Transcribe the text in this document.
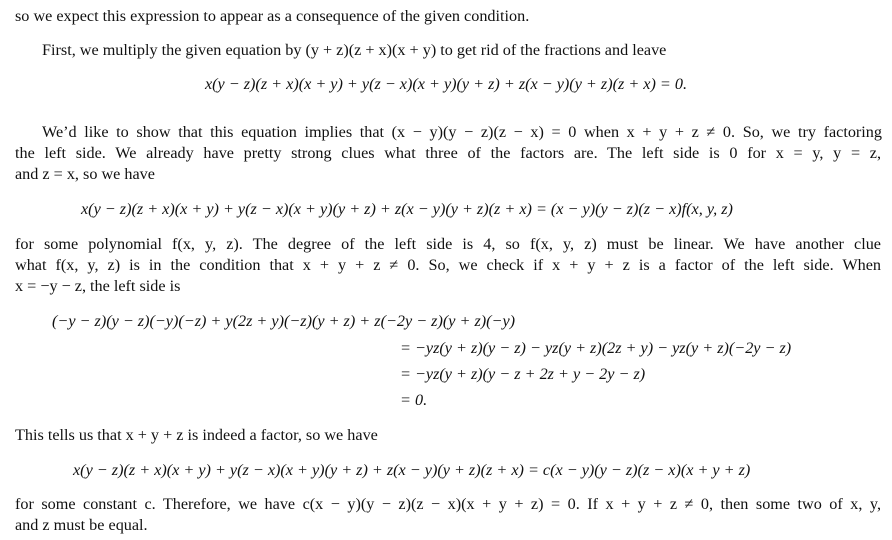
so we expect this expression to appear as a consequence of the given condition.
First, we multiply the given equation by (y + z)(z + x)(x + y) to get rid of the fractions and leave
x(y − z)(z + x)(x + y) + y(z − x)(x + y)(y + z) + z(x − y)(y + z)(z + x) = 0.
We’d like to show that this equation implies that (x − y)(y − z)(z − x) = 0 when x + y + z ≠ 0. So, we try factoring
the left side. We already have pretty strong clues what three of the factors are. The left side is 0 for x = y, y = z,
and z = x, so we have
x(y − z)(z + x)(x + y) + y(z − x)(x + y)(y + z) + z(x − y)(y + z)(z + x) = (x − y)(y − z)(z − x)f(x, y, z)
for some polynomial f(x, y, z). The degree of the left side is 4, so f(x, y, z) must be linear. We have another clue
what f(x, y, z) is in the condition that x + y + z ≠ 0. So, we check if x + y + z is a factor of the left side. When
x = −y − z, the left side is
(−y − z)(y − z)(−y)(−z) + y(2z + y)(−z)(y + z) + z(−2y − z)(y + z)(−y)
= −yz(y + z)(y − z) − yz(y + z)(2z + y) − yz(y + z)(−2y − z)
= −yz(y + z)(y − z + 2z + y − 2y − z)
= 0.
This tells us that x + y + z is indeed a factor, so we have
x(y − z)(z + x)(x + y) + y(z − x)(x + y)(y + z) + z(x − y)(y + z)(z + x) = c(x − y)(y − z)(z − x)(x + y + z)
for some constant c. Therefore, we have c(x − y)(y − z)(z − x)(x + y + z) = 0. If x + y + z ≠ 0, then some two of x, y,
and z must be equal.
